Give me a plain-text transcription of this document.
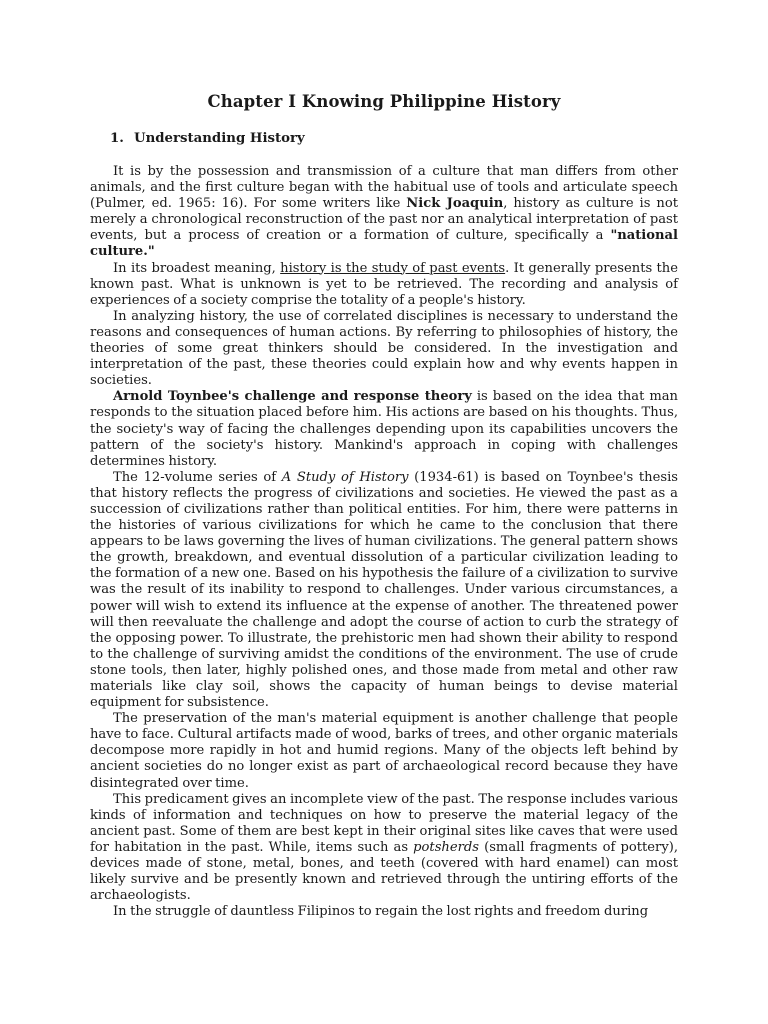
Chapter I Knowing Philippine History
1. Understanding History

It is by the possession and transmission of a culture that man differs from other animals, and the first culture began with the habitual use of tools and articulate speech (Pulmer, ed. 1965: 16). For some writers like Nick Joaquin, history as culture is not merely a chronological reconstruction of the past nor an analytical interpretation of past events, but a process of creation or a formation of culture, specifically a "national culture."

In its broadest meaning, history is the study of past events. It generally presents the known past. What is unknown is yet to be retrieved. The recording and analysis of experiences of a society comprise the totality of a people's history.

In analyzing history, the use of correlated disciplines is necessary to understand the reasons and consequences of human actions. By referring to philosophies of history, the theories of some great thinkers should be considered. In the investigation and interpretation of the past, these theories could explain how and why events happen in societies.

Arnold Toynbee's challenge and response theory is based on the idea that man responds to the situation placed before him. His actions are based on his thoughts. Thus, the society's way of facing the challenges depending upon its capabilities uncovers the pattern of the society's history. Mankind's approach in coping with challenges determines history.

The 12-volume series of A Study of History (1934-61) is based on Toynbee's thesis that history reflects the progress of civilizations and societies. He viewed the past as a succession of civilizations rather than political entities. For him, there were patterns in the histories of various civilizations for which he came to the conclusion that there appears to be laws governing the lives of human civilizations. The general pattern shows the growth, breakdown, and eventual dissolution of a particular civilization leading to the formation of a new one. Based on his hypothesis the failure of a civilization to survive was the result of its inability to respond to challenges. Under various circumstances, a power will wish to extend its influence at the expense of another. The threatened power will then reevaluate the challenge and adopt the course of action to curb the strategy of the opposing power. To illustrate, the prehistoric men had shown their ability to respond to the challenge of surviving amidst the conditions of the environment. The use of crude stone tools, then later, highly polished ones, and those made from metal and other raw materials like clay soil, shows the capacity of human beings to devise material equipment for subsistence.

The preservation of the man's material equipment is another challenge that people have to face. Cultural artifacts made of wood, barks of trees, and other organic materials decompose more rapidly in hot and humid regions. Many of the objects left behind by ancient societies do no longer exist as part of archaeological record because they have disintegrated over time.

This predicament gives an incomplete view of the past. The response includes various kinds of information and techniques on how to preserve the material legacy of the ancient past. Some of them are best kept in their original sites like caves that were used for habitation in the past. While, items such as potsherds (small fragments of pottery), devices made of stone, metal, bones, and teeth (covered with hard enamel) can most likely survive and be presently known and retrieved through the untiring efforts of the archaeologists.

In the struggle of dauntless Filipinos to regain the lost rights and freedom during
